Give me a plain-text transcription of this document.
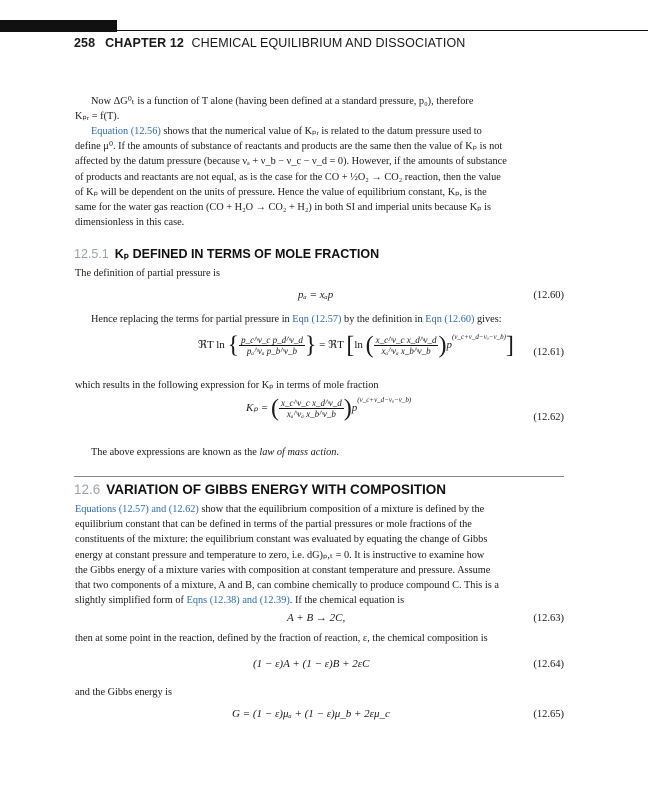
258 CHAPTER 12 CHEMICAL EQUILIBRIUM AND DISSOCIATION
Now ΔG⁰ₜ is a function of T alone (having been defined at a standard pressure, p₀), therefore
Kₚᵣ = f(T).
Equation (12.56) shows that the numerical value of Kₚᵣ is related to the datum pressure used to
define μ⁰. If the amounts of substance of reactants and products are the same then the value of Kₚ is not
affected by the datum pressure (because νₐ + ν_b − ν_c − ν_d = 0). However, if the amounts of substance
of products and reactants are not equal, as is the case for the CO + ½O₂ → CO₂ reaction, then the value
of Kₚ will be dependent on the units of pressure. Hence the value of equilibrium constant, Kₚ, is the
same for the water gas reaction (CO + H₂O → CO₂ + H₂) in both SI and imperial units because Kₚ is
dimensionless in this case.
12.5.1 Kₚ DEFINED IN TERMS OF MOLE FRACTION
The definition of partial pressure is
pₐ = xₐp	(12.60)
Hence replacing the terms for partial pressure in Eqn (12.57) by the definition in Eqn (12.60) gives:
ℜT ln { $\frac{\text{p\_c\textasciicircum{}ν\_c p\_d\textasciicircum{}ν\_d}}{\text{pₐ\textasciicircum{}νₐ p\_b\textasciicircum{}ν\_b}}$ } = ℜT [ln ( $\frac{\text{x\_c\textasciicircum{}ν\_c x\_d\textasciicircum{}ν\_d}}{\text{xₐ\textasciicircum{}νₐ x\_b\textasciicircum{}ν\_b}} )p^{(\nu\_c+\nu\_d-\nu_a-\nu\_b)}$] (12.61)
which results in the following expression for Kₚ in terms of mole fraction
Kₚ = ( $\frac{\text{x\_c\textasciicircum{}ν\_c x\_d\textasciicircum{}ν\_d}}{\text{xₐ\textasciicircum{}νₐ x\_b\textasciicircum{}ν\_b}} )p^{(\nu\_c+\nu\_d-\nu_a-\nu\_b)}$
(12.62)
The above expressions are known as the law of mass action.
12.6 VARIATION OF GIBBS ENERGY WITH COMPOSITION
Equations (12.57) and (12.62) show that the equilibrium composition of a mixture is defined by the
equilibrium constant that can be defined in terms of the partial pressures or mole fractions of the
constituents of the mixture: the equilibrium constant was evaluated by equating the change of Gibbs
energy at constant pressure and temperature to zero, i.e. dG)ₚ,ₜ = 0. It is instructive to examine how
the Gibbs energy of a mixture varies with composition at constant temperature and pressure. Assume
that two components of a mixture, A and B, can combine chemically to produce compound C. This is a
slightly simplified form of Eqns (12.38) and (12.39). If the chemical equation is
A + B → 2C,	(12.63)
then at some point in the reaction, defined by the fraction of reaction, ε, the chemical composition is
(1 − ε)A + (1 − ε)B + 2εC	(12.64)
and the Gibbs energy is
G = (1 − ε)μₐ + (1 − ε)μ_b + 2εμ_c	(12.65)
